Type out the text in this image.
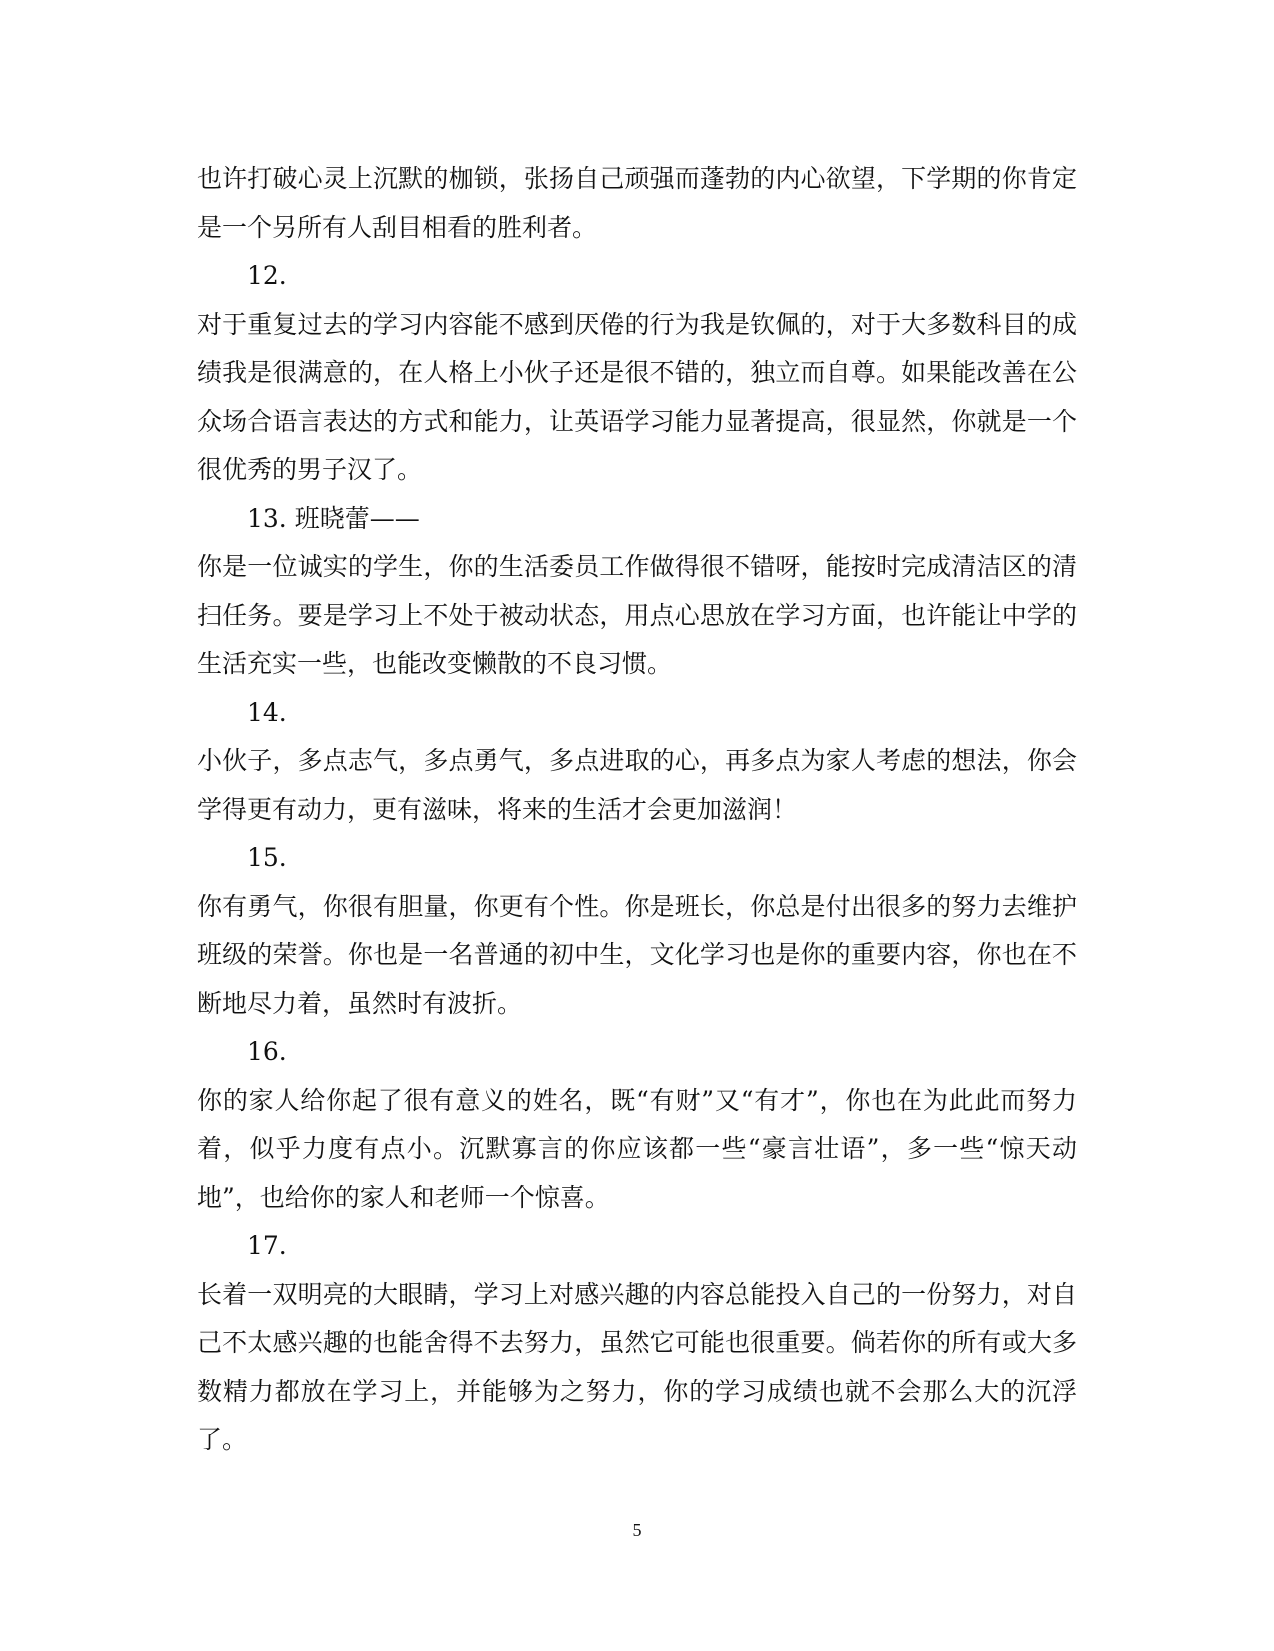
也许打破心灵上沉默的枷锁，张扬自己顽强而蓬勃的内心欲望，下学期的你肯定是一个另所有人刮目相看的胜利者。

12.

对于重复过去的学习内容能不感到厌倦的行为我是钦佩的，对于大多数科目的成绩我是很满意的，在人格上小伙子还是很不错的，独立而自尊。如果能改善在公众场合语言表达的方式和能力，让英语学习能力显著提高，很显然，你就是一个很优秀的男子汉了。

13. 班晓蕾——

你是一位诚实的学生，你的生活委员工作做得很不错呀，能按时完成清洁区的清扫任务。要是学习上不处于被动状态，用点心思放在学习方面，也许能让中学的生活充实一些，也能改变懒散的不良习惯。

14.

小伙子，多点志气，多点勇气，多点进取的心，再多点为家人考虑的想法，你会学得更有动力，更有滋味，将来的生活才会更加滋润！

15.

你有勇气，你很有胆量，你更有个性。你是班长，你总是付出很多的努力去维护班级的荣誉。你也是一名普通的初中生，文化学习也是你的重要内容，你也在不断地尽力着，虽然时有波折。

16.

你的家人给你起了很有意义的姓名，既“有财”又“有才”，你也在为此此而努力着，似乎力度有点小。沉默寡言的你应该都一些“豪言壮语”，多一些“惊天动地”，也给你的家人和老师一个惊喜。

17.

长着一双明亮的大眼睛，学习上对感兴趣的内容总能投入自己的一份努力，对自己不太感兴趣的也能舍得不去努力，虽然它可能也很重要。倘若你的所有或大多数精力都放在学习上，并能够为之努力，你的学习成绩也就不会那么大的沉浮了。

5
